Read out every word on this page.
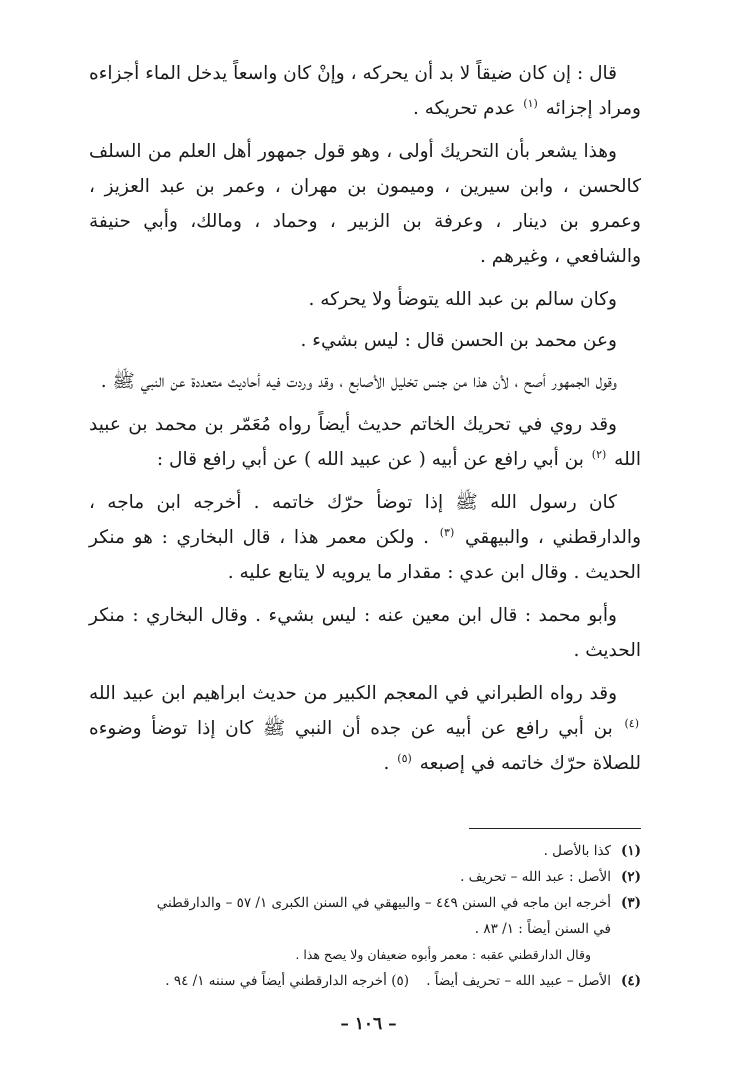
قال : إن كان ضيقاً لا بد أن يحركه ، وإنْ كان واسعاً يدخل الماء أجزاءه ومراد إجزائه $^{(١)}$ عدم تحريكه .

وهذا يشعر بأن التحريك أولى ، وهو قول جمهور أهل العلم من السلف كالحسن ، وابن سيرين ، وميمون بن مهران ، وعمر بن عبد العزيز ، وعمرو بن دينار ، وعرفة بن الزبير ، وحماد ، ومالك، وأبي حنيفة والشافعي ، وغيرهم .

وكان سالم بن عبد الله يتوضأ ولا يحركه .

وعن محمد بن الحسن قال : ليس بشيء .

وقول الجمهور أصح ، لأن هذا من جنس تخليل الأصابع ، وقد وردت فيه أحاديث متعددة عن النبي ﷺ .

وقد روي في تحريك الخاتم حديث أيضاً رواه مُعَمّر بن محمد بن عبيد الله $^{(٢)}$ بن أبي رافع عن أبيه ( عن عبيد الله ) عن أبي رافع قال :

كان رسول الله ﷺ إذا توضأ حرّك خاتمه . أخرجه ابن ماجه ، والدارقطني ، والبيهقي $^{(٣)}$ . ولكن معمر هذا ، قال البخاري : هو منكر الحديث . وقال ابن عدي : مقدار ما يرويه لا يتابع عليه .

وأبو محمد : قال ابن معين عنه : ليس بشيء . وقال البخاري : منكر الحديث .

وقد رواه الطبراني في المعجم الكبير من حديث ابراهيم ابن عبيد الله $^{(٤)}$ بن أبي رافع عن أبيه عن جده أن النبي ﷺ كان إذا توضأ وضوءه للصلاة حرّك خاتمه في إصبعه $^{(٥)}$ .

(١)
كذا بالأصل .
(٢)
الأصل : عبد الله – تحريف .
(٣)
أخرجه ابن ماجه في السنن ٤٤٩ – والبيهقي في السنن الكبرى ١/ ٥٧ – والدارقطني
في السنن أيضاً : ١/ ٨٣ .
وقال الدارقطني عقبه : معمر وأبوه ضعيفان ولا يصح هذا .
(٤)
الأصل – عبيد الله – تحريف أيضاً .    (٥) أخرجه الدارقطني أيضاً في سننه ١/ ٩٤ .
– ١٠٦ –
